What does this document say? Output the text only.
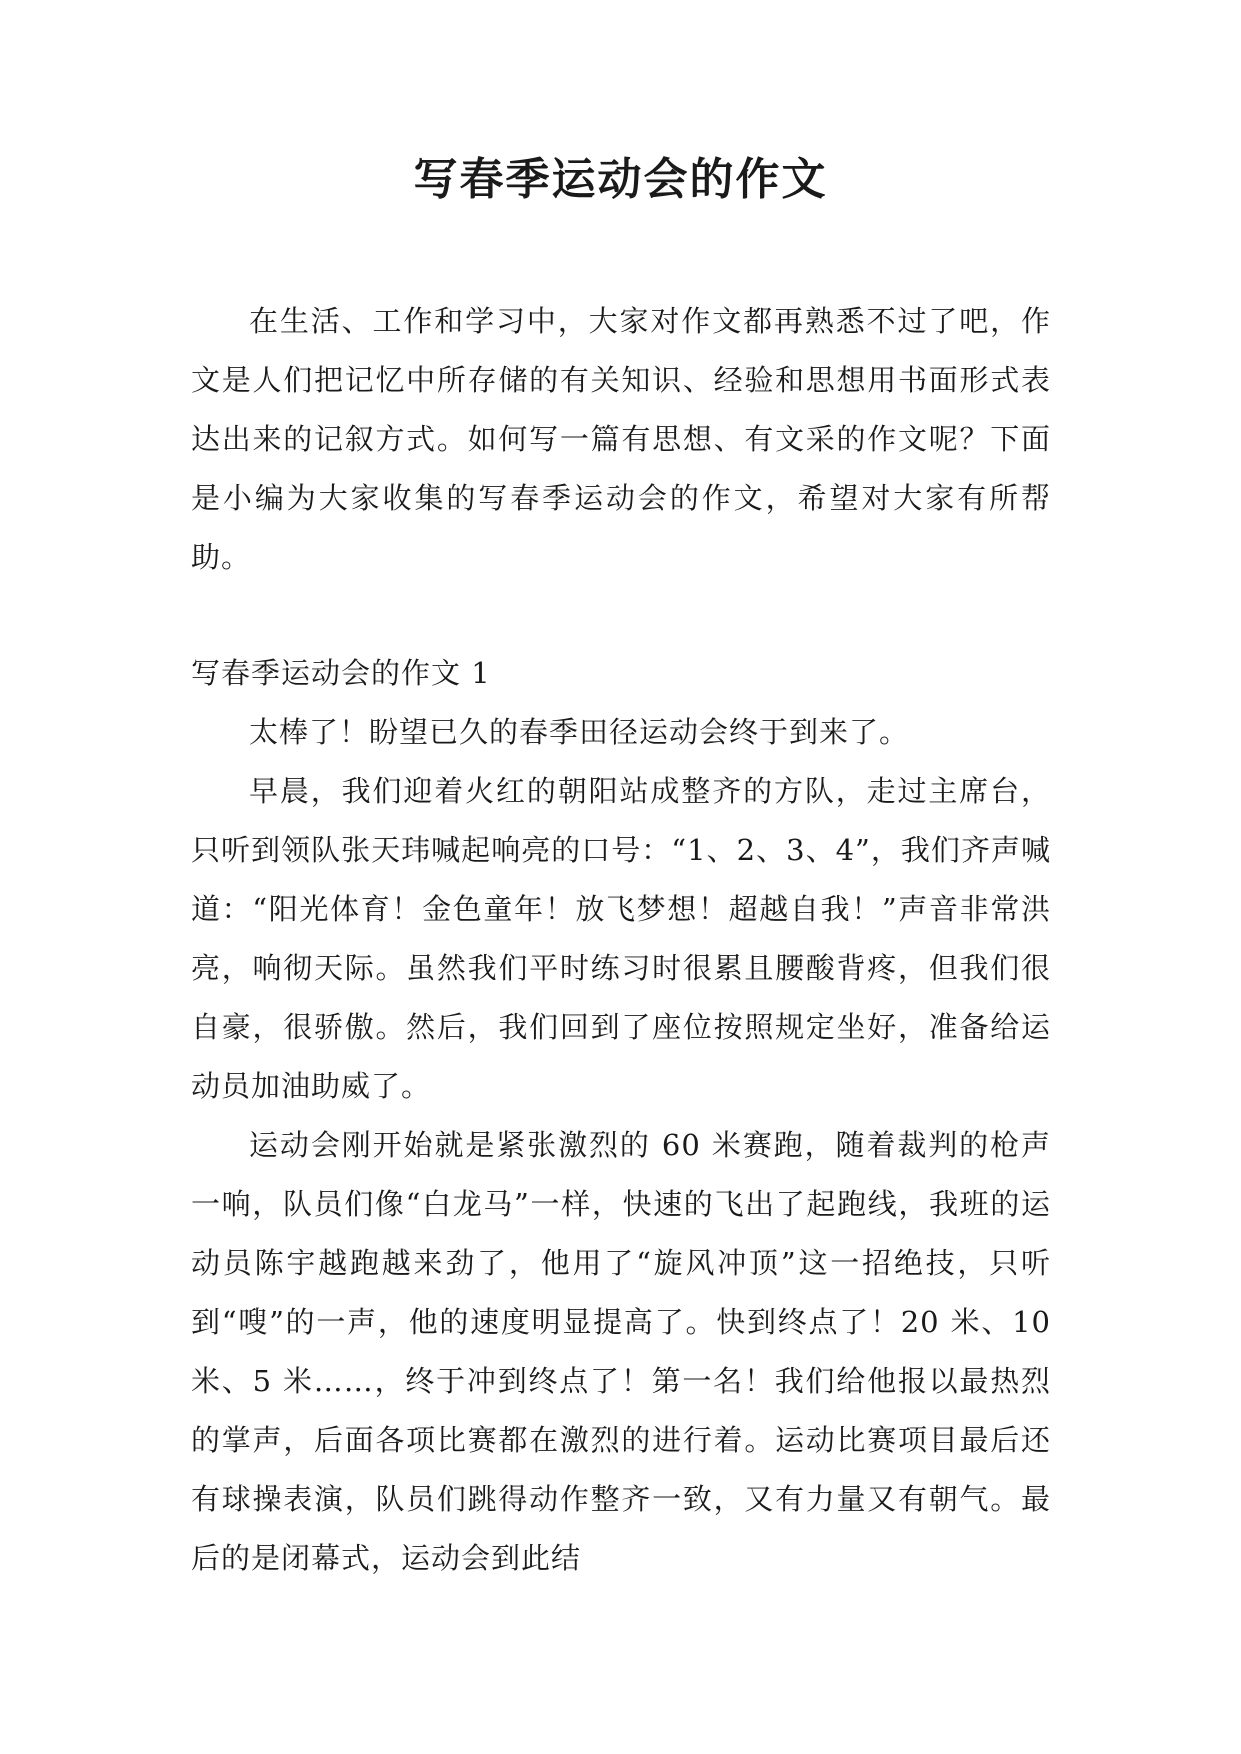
写春季运动会的作文

在生活、工作和学习中，大家对作文都再熟悉不过了吧，作文是人们把记忆中所存储的有关知识、经验和思想用书面形式表达出来的记叙方式。如何写一篇有思想、有文采的作文呢？下面是小编为大家收集的写春季运动会的作文，希望对大家有所帮助。

写春季运动会的作文 1

太棒了！盼望已久的春季田径运动会终于到来了。

早晨，我们迎着火红的朝阳站成整齐的方队，走过主席台，只听到领队张天玮喊起响亮的口号：“1、2、3、4”，我们齐声喊道：“阳光体育！金色童年！放飞梦想！超越自我！”声音非常洪亮，响彻天际。虽然我们平时练习时很累且腰酸背疼，但我们很自豪，很骄傲。然后，我们回到了座位按照规定坐好，准备给运动员加油助威了。

运动会刚开始就是紧张激烈的 60 米赛跑，随着裁判的枪声一响，队员们像“白龙马”一样，快速的飞出了起跑线，我班的运动员陈宇越跑越来劲了，他用了“旋风冲顶”这一招绝技，只听到“嗖”的一声，他的速度明显提高了。快到终点了！20 米、10 米、5 米……，终于冲到终点了！第一名！我们给他报以最热烈的掌声，后面各项比赛都在激烈的进行着。运动比赛项目最后还有球操表演，队员们跳得动作整齐一致，又有力量又有朝气。最后的是闭幕式，运动会到此结
